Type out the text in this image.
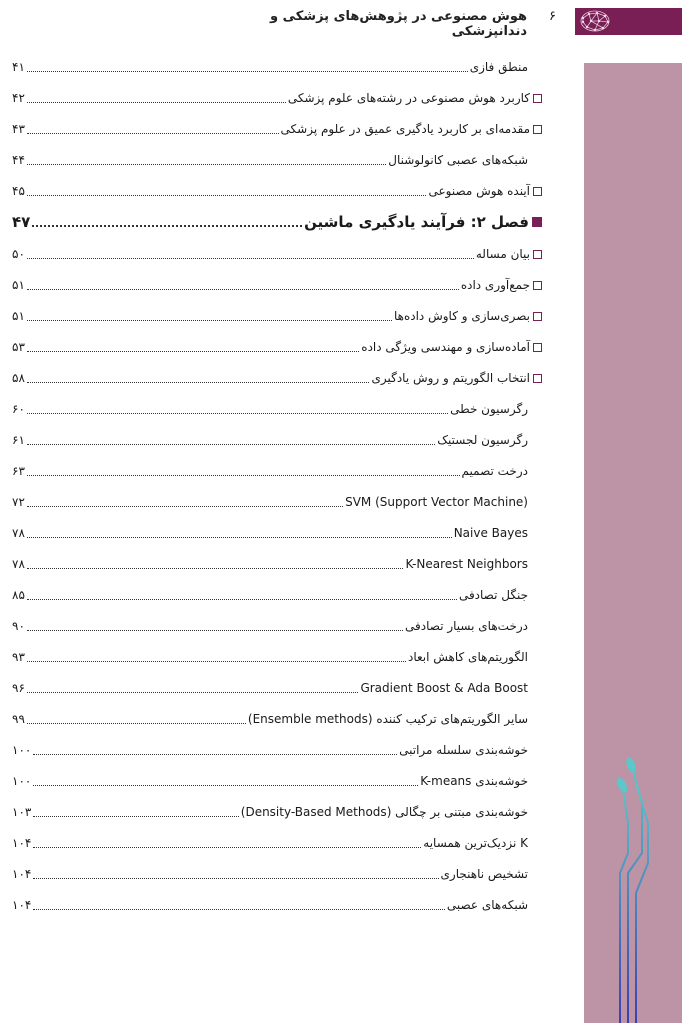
۶
هوش مصنوعی در پژوهش‌های پزشکی و دندانپزشکی
منطق فازی
۴۱
کاربرد هوش مصنوعی در رشته‌های علوم پزشکی
۴۲
مقدمه‌ای بر کاربرد یادگیری عمیق در علوم پزشکی
۴۳
شبکه‌های عصبی کانولوشنال
۴۴
آینده هوش مصنوعی
۴۵
فصل ۲: فرآیند یادگیری ماشین
۴۷
بیان مساله
۵۰
جمع‌آوری داده
۵۱
بصری‌سازی و کاوش داده‌ها
۵۱
آماده‌سازی و مهندسی ویژگی داده
۵۳
انتخاب الگوریتم و روش یادگیری
۵۸
رگرسیون خطی
۶۰
رگرسیون لجستیک
۶۱
درخت تصمیم
۶۳
SVM (Support Vector Machine)
۷۲
Naive Bayes
۷۸
K-Nearest Neighbors
۷۸
جنگل تصادفی
۸۵
درخت‌های بسیار تصادفی
۹۰
الگوریتم‌های کاهش ابعاد
۹۳
Gradient Boost & Ada Boost
۹۶
سایر الگوریتم‌های ترکیب کننده (Ensemble methods)
۹۹
خوشه‌بندی سلسله مراتبی
۱۰۰
خوشه‌بندی K-means
۱۰۰
خوشه‌بندی مبتنی بر چگالی (Density-Based Methods)
۱۰۳
K نزدیک‌ترین همسایه
۱۰۴
تشخیص ناهنجاری
۱۰۴
شبکه‌های عصبی
۱۰۴
